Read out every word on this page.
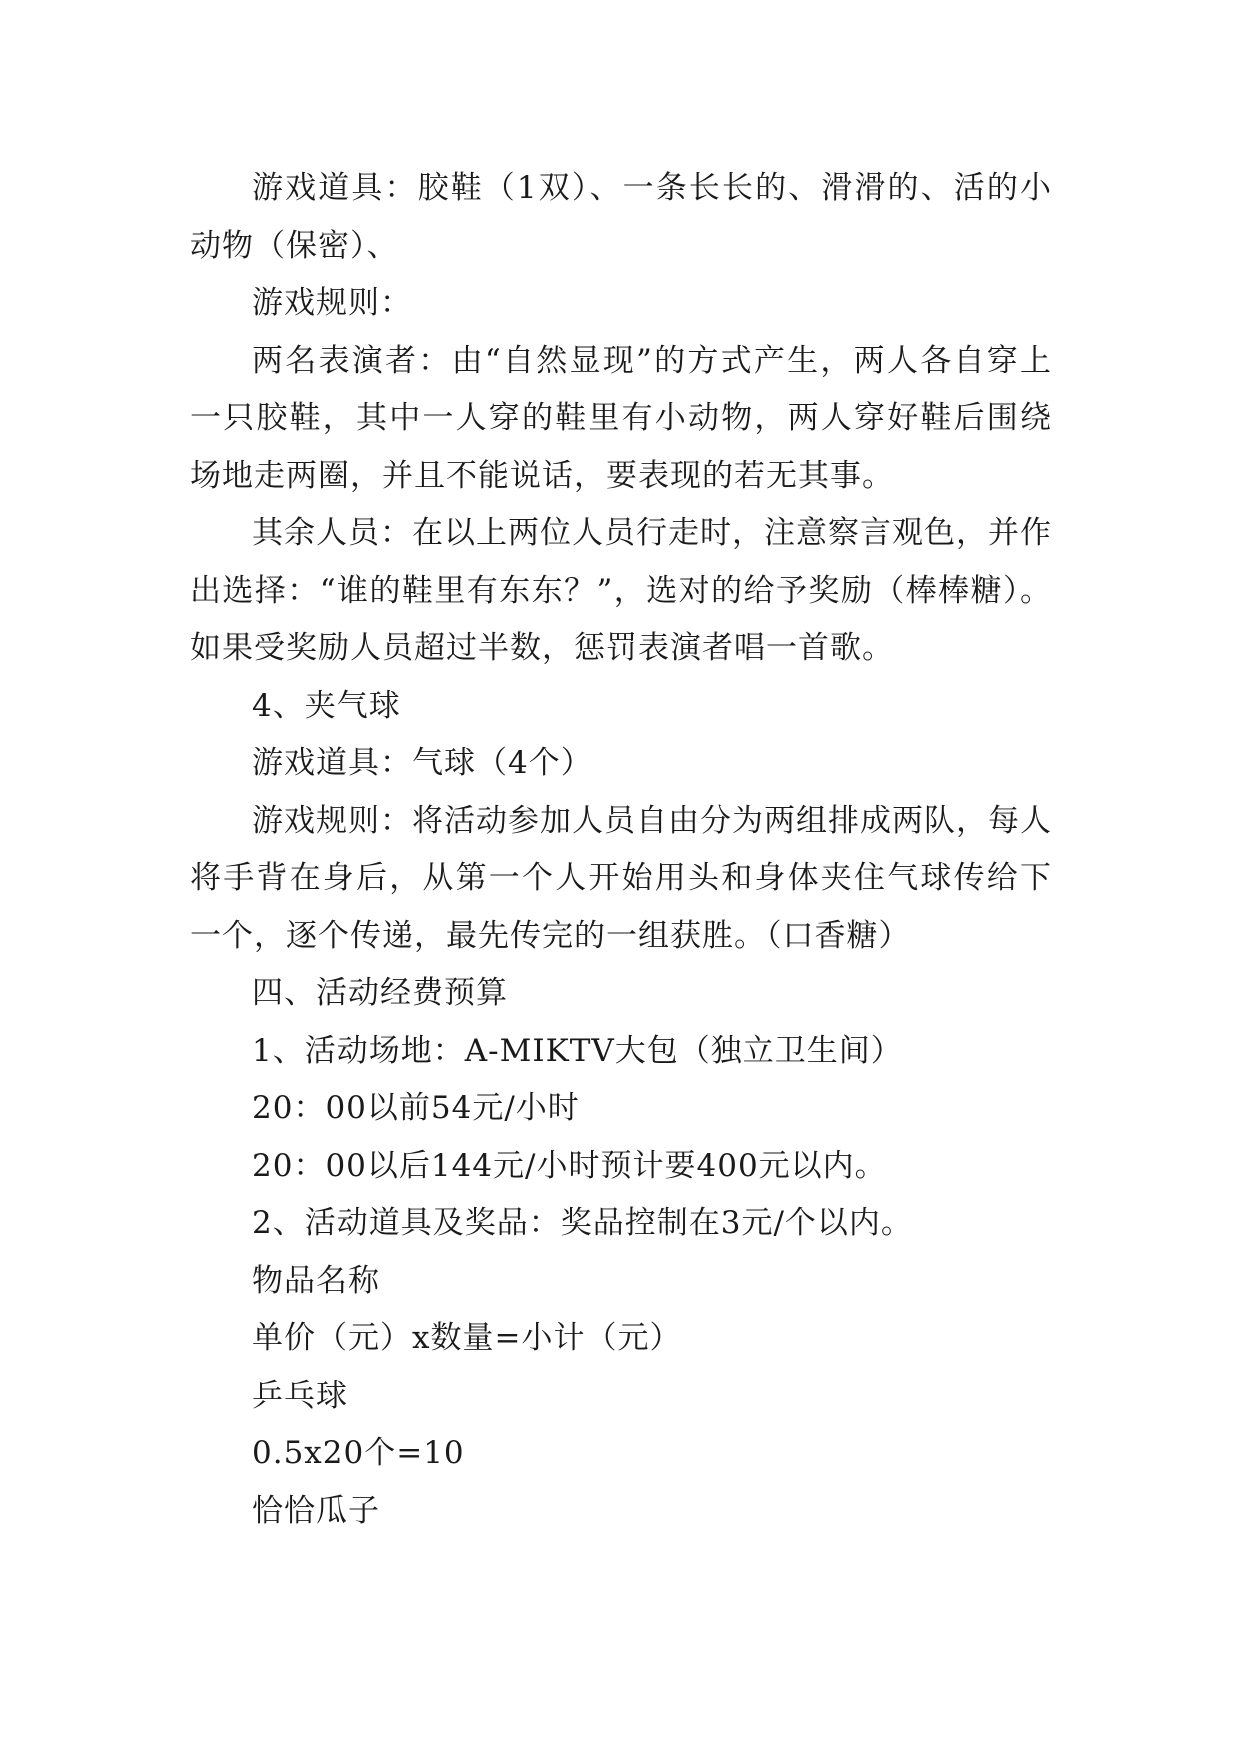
游戏道具：胶鞋（1双）、一条长长的、滑滑的、活的小动物（保密）、

游戏规则：

两名表演者：由“自然显现”的方式产生，两人各自穿上一只胶鞋，其中一人穿的鞋里有小动物，两人穿好鞋后围绕场地走两圈，并且不能说话，要表现的若无其事。

其余人员：在以上两位人员行走时，注意察言观色，并作出选择：“谁的鞋里有东东？”，选对的给予奖励（棒棒糖）。如果受奖励人员超过半数，惩罚表演者唱一首歌。

4、夹气球

游戏道具：气球（4个）

游戏规则：将活动参加人员自由分为两组排成两队，每人将手背在身后，从第一个人开始用头和身体夹住气球传给下一个，逐个传递，最先传完的一组获胜。（口香糖）

四、活动经费预算

1、活动场地：A-MIKTV大包（独立卫生间）

20：00以前54元/小时

20：00以后144元/小时预计要400元以内。

2、活动道具及奖品：奖品控制在3元/个以内。

物品名称

单价（元）x数量=小计（元）

乒乓球

0.5x20个=10

恰恰瓜子
